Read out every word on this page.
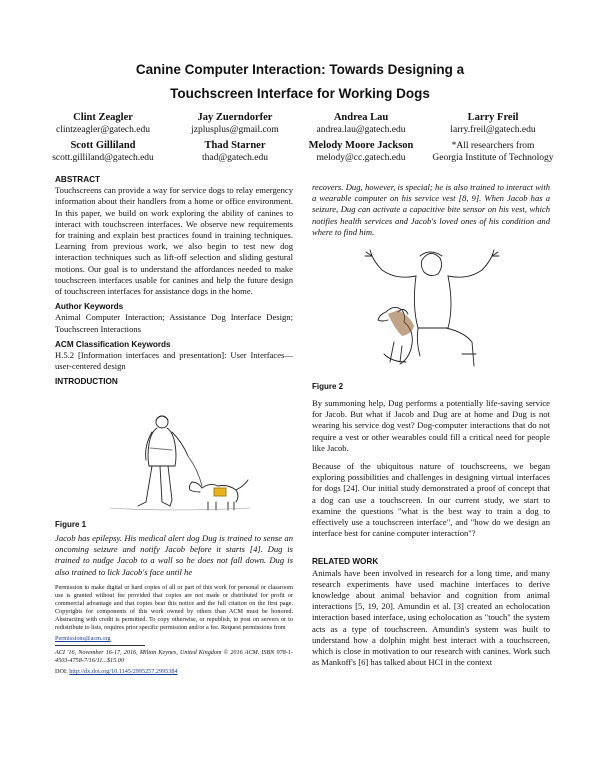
Canine Computer Interaction: Towards Designing a
Touchscreen Interface for Working Dogs
Clint Zeagler
clintzeagler@gatech.edu
Jay Zuerndorfer
jzplusplus@gmail.com
Andrea Lau
andrea.lau@gatech.edu
Larry Freil
larry.freil@gatech.edu
Scott Gilliland
scott.gilliland@gatech.edu
Thad Starner
thad@gatech.edu
Melody Moore Jackson
melody@cc.gatech.edu
*All researchers from
Georgia Institute of Technology

ABSTRACT

Touchscreens can provide a way for service dogs to relay emergency information about their handlers from a home or office environment. In this paper, we build on work exploring the ability of canines to interact with touchscreen interfaces. We observe new requirements for training and explain best practices found in training techniques. Learning from previous work, we also begin to test new dog interaction techniques such as lift-off selection and sliding gestural motions. Our goal is to understand the affordances needed to make touchscreen interfaces usable for canines and help the future design of touchscreen interfaces for assistance dogs in the home.

Author Keywords

Animal Computer Interaction; Assistance Dog Interface Design; Touchscreen Interactions

ACM Classification Keywords

H.5.2 [Information interfaces and presentation]: User Interfaces—user-centered design

INTRODUCTION

Figure 1
Jacob has epilepsy. His medical alert dog Dug is trained to sense an oncoming seizure and notify Jacob before it starts [4]. Dug is trained to nudge Jacob to a wall so he does not fall down. Dug is also trained to lick Jacob's face until he
Permission to make digital or hard copies of all or part of this work for personal or classroom use is granted without fee provided that copies are not made or distributed for profit or commercial advantage and that copies bear this notice and the full citation on the first page. Copyrights for components of this work owned by others than ACM must be honored. Abstracting with credit is permitted. To copy otherwise, or republish, to post on servers or to redistribute to lists, requires prior specific permission and/or a fee. Request permissions from
Permissions@acm.org
ACI '16, November 16-17, 2016, Milton Keynes, United Kingdom © 2016 ACM. ISBN 978-1-4503-4758-7/16/11...$15.00
DOI: http://dx.doi.org/10.1145/2995257.2995384
recovers. Dug, however, is special; he is also trained to interact with a wearable computer on his service vest [8, 9]. When Jacob has a seizure, Dug can activate a capacitive bite sensor on his vest, which notifies health services and Jacob's loved ones of his condition and where to find him.
Figure 2

By summoning help, Dug performs a potentially life-saving service for Jacob. But what if Jacob and Dug are at home and Dug is not wearing his service dog vest? Dog-computer interactions that do not require a vest or other wearables could fill a critical need for people like Jacob.

Because of the ubiquitous nature of touchscreens, we began exploring possibilities and challenges in designing virtual interfaces for dogs [24]. Our initial study demonstrated a proof of concept that a dog can use a touchscreen. In our current study, we start to examine the questions "what is the best way to train a dog to effectively use a touchscreen interface", and "how do we design an interface best for canine computer interaction"?

RELATED WORK

Animals have been involved in research for a long time, and many research experiments have used machine interfaces to derive knowledge about animal behavior and cognition from animal interactions [5, 19, 20]. Amundin et al. [3] created an echolocation interaction based interface, using echolocation as "touch" the system acts as a type of touchscreen. Amundin's system was built to understand how a dolphin might best interact with a touchscreen, which is close in motivation to our research with canines. Work such as Mankoff's [6] has talked about HCI in the context
